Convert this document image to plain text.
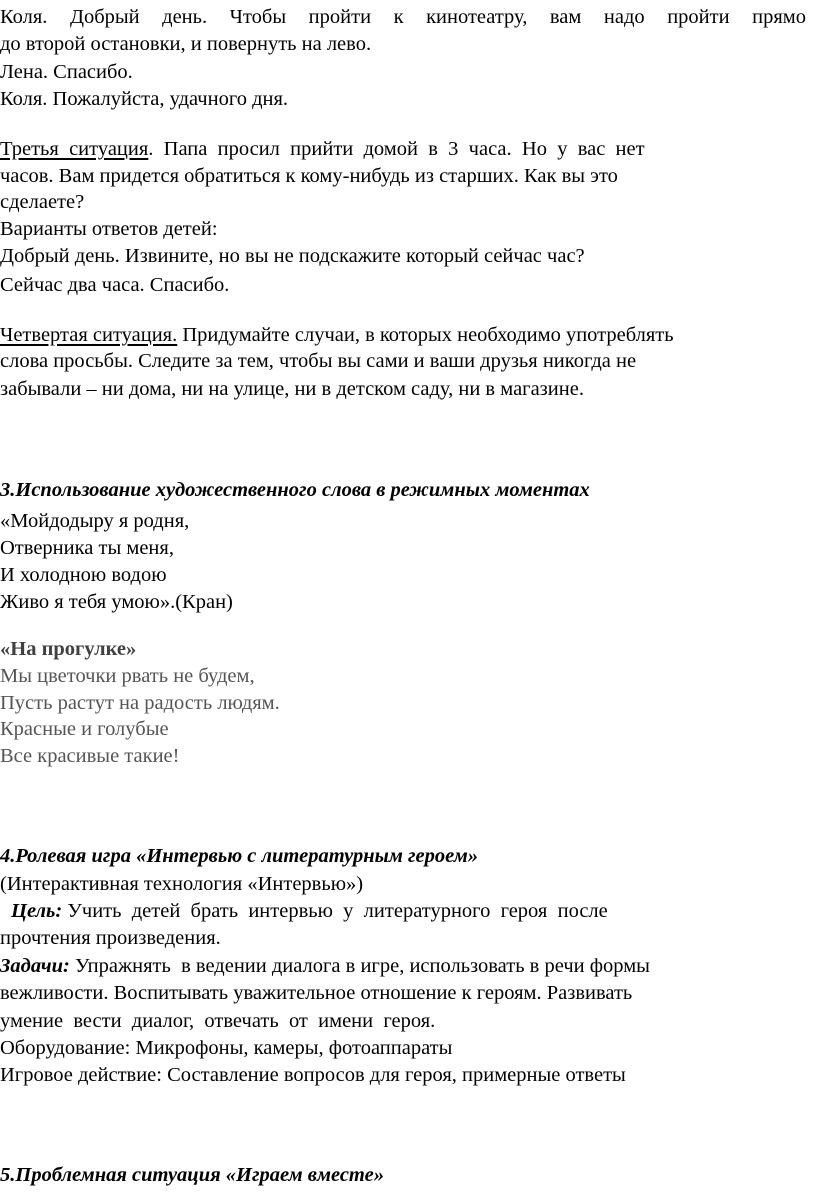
Коля. Добрый день. Чтобы пройти к кинотеатру, вам надо пройти прямо
до второй остановки, и повернуть на лево.
Лена. Спасибо.
Коля. Пожалуйста, удачного дня.
Третья  ситуация.  Папа  просил  прийти  домой  в  3  часа.  Но  у  вас  нет
часов. Вам придется обратиться к кому-нибудь из старших. Как вы это
сделаете?
Варианты ответов детей:
Добрый день. Извините, но вы не подскажите который сейчас час?
Сейчас два часа. Спасибо.
Четвертая ситуация. Придумайте случаи, в которых необходимо употреблять
слова просьбы. Следите за тем, чтобы вы сами и ваши друзья никогда не
забывали – ни дома, ни на улице, ни в детском саду, ни в магазине.
3.Использование художественного слова в режимных моментах
«Мойдодыру я родня,
Отверника ты меня,
И холодною водою
Живо я тебя умою».(Кран)
«На прогулке»
Мы цветочки рвать не будем,
Пусть растут на радость людям.
Красные и голубые
Все красивые такие!
4.Ролевая игра «Интервью с литературным героем»
(Интерактивная технология «Интервью»)
Цель: Учить  детей  брать  интервью  у  литературного  героя  после
прочтения произведения.
Задачи: Упражнять  в ведении диалога в игре, использовать в речи формы
вежливости. Воспитывать уважительное отношение к героям. Развивать
умение  вести  диалог,  отвечать  от  имени  героя.
Оборудование: Микрофоны, камеры, фотоаппараты
Игровое действие: Составление вопросов для героя, примерные ответы
5.Проблемная ситуация «Играем вместе»
